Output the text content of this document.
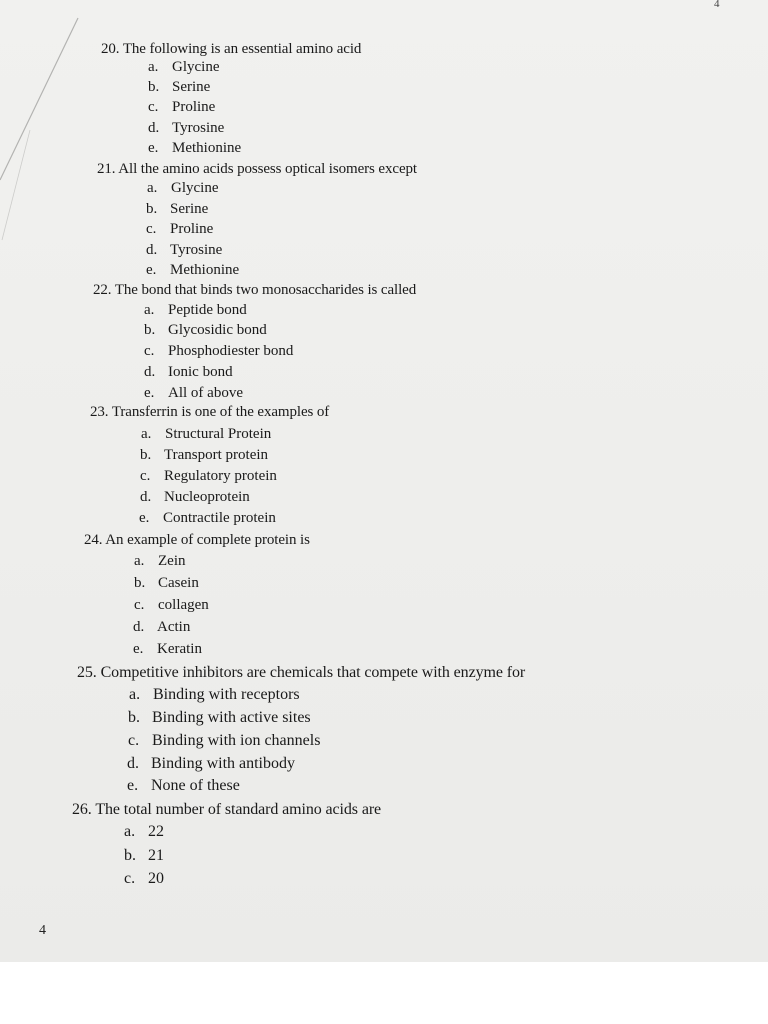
4
20. The following is an essential amino acid
a. Glycine
b. Serine
c. Proline
d. Tyrosine
e. Methionine
21. All the amino acids possess optical isomers except
a. Glycine
b. Serine
c. Proline
d. Tyrosine
e. Methionine
22. The bond that binds two monosaccharides is called
a. Peptide bond
b. Glycosidic bond
c. Phosphodiester bond
d. Ionic bond
e. All of above
23. Transferrin is one of the examples of
a. Structural Protein
b. Transport protein
c. Regulatory protein
d. Nucleoprotein
e. Contractile protein
24. An example of complete protein is
a. Zein
b. Casein
c. collagen
d. Actin
e. Keratin
25. Competitive inhibitors are chemicals that compete with enzyme for
a. Binding with receptors
b. Binding with active sites
c. Binding with ion channels
d. Binding with antibody
e. None of these
26. The total number of standard amino acids are
a. 22
b. 21
c. 20
4
